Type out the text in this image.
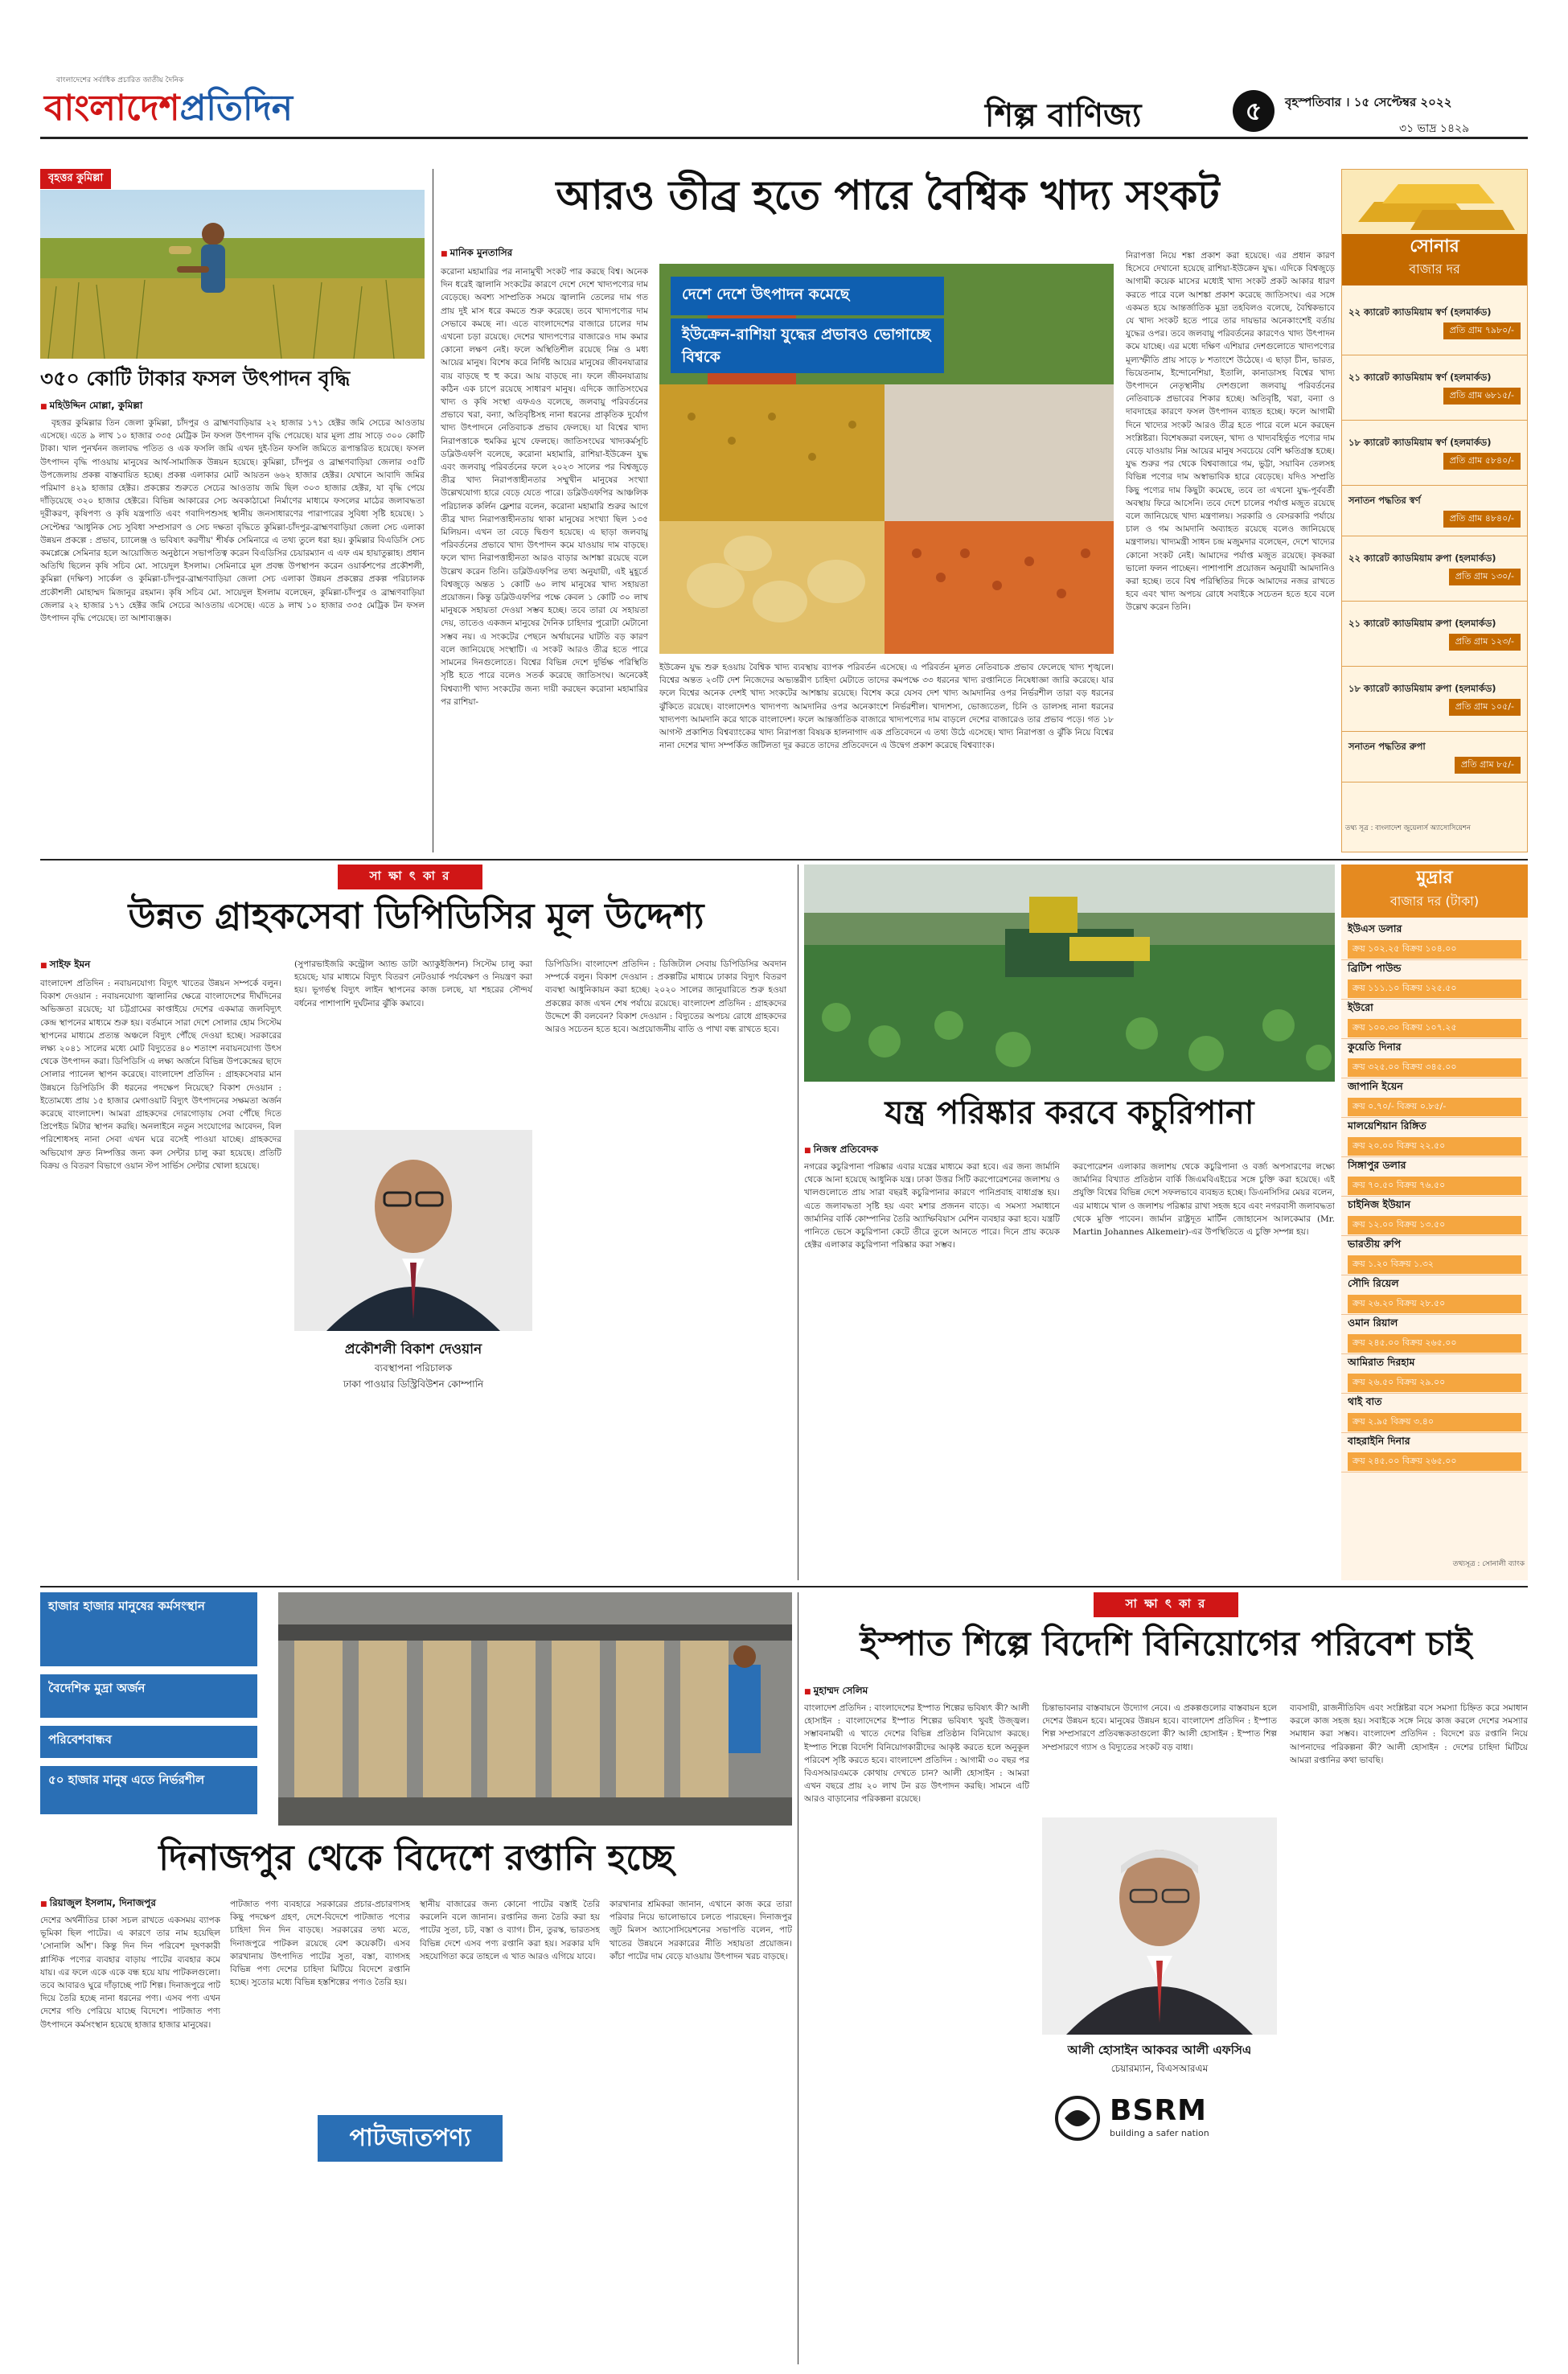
বাংলাদেশের সর্বাধিক প্রচারিত জাতীয় দৈনিক
বাংলাদেশপ্রতিদিন	শিল্প বাণিজ্য	৫	বৃহস্পতিবার । ১৫ সেপ্টেম্বর ২০২২
৩১ ভাদ্র ১৪২৯
বৃহত্তর কুমিল্লা
৩৫০ কোটি টাকার ফসল উৎপাদন বৃদ্ধি
■ মহিউদ্দিন মোল্লা, কুমিল্লা

বৃহত্তর কুমিল্লার তিন জেলা কুমিল্লা, চাঁদপুর ও ব্রাহ্মণবাড়িয়ার ২২ হাজার ১৭১ হেক্টর জমি সেচের আওতায় এসেছে। এতে ৯ লাখ ১০ হাজার ৩৩৫ মেট্রিক টন ফসল উৎপাদন বৃদ্ধি পেয়েছে। যার মূল্য প্রায় সাড়ে ৩০০ কোটি টাকা। খাল পুনর্খনন জলাবদ্ধ পতিত ও এক ফসলি জমি এখন দুই-তিন ফসলি জমিতে রূপান্তরিত হয়েছে। ফসল উৎপাদন বৃদ্ধি পাওয়ায় মানুষের আর্থ-সামাজিক উন্নয়ন হয়েছে। কুমিল্লা, চাঁদপুর ও ব্রাহ্মণবাড়িয়া জেলার ৩৫টি উপজেলায় প্রকল্প বাস্তবায়িত হচ্ছে। প্রকল্প এলাকার মোট আয়তন ৬৬২ হাজার হেক্টর। যেখানে আবাদি জমির পরিমাণ ৪২৯ হাজার হেক্টর। প্রকল্পের শুরুতে সেচের আওতায় জমি ছিল ৩০৩ হাজার হেক্টর, যা বৃদ্ধি পেয়ে দাঁড়িয়েছে ৩২০ হাজার হেক্টরে। বিভিন্ন আকারের সেচ অবকাঠামো নির্মাণের মাধ্যমে ফসলের মাঠের জলাবদ্ধতা দূরীকরণ, কৃষিপণ্য ও কৃষি যন্ত্রপাতি এবং গবাদিপশুসহ স্থানীয় জনসাধারণের পারাপারের সুবিধা সৃষ্টি হয়েছে। ১ সেপ্টেম্বর 'আধুনিক সেচ সুবিধা সম্প্রসারণ ও সেচ দক্ষতা বৃদ্ধিতে কুমিল্লা-চাঁদপুর-ব্রাহ্মণবাড়িয়া জেলা সেচ এলাকা উন্নয়ন প্রকল্পে : প্রভাব, চ্যালেঞ্জ ও ভবিষ্যৎ করণীয়' শীর্ষক সেমিনারে এ তথ্য তুলে ধরা হয়। কুমিল্লার বিএডিসি সেচ কমপ্লেক্সে সেমিনার হলে আয়োজিত অনুষ্ঠানে সভাপতিত্ব করেন বিএডিসির চেয়ারম্যান এ এফ এম হায়াতুল্লাহ। প্রধান অতিথি ছিলেন কৃষি সচিব মো. সায়েদুল ইসলাম। সেমিনারে মূল প্রবন্ধ উপস্থাপন করেন ওয়ার্কশপের প্রকৌশলী, কুমিল্লা (দক্ষিণ) সার্কেল ও কুমিল্লা-চাঁদপুর-ব্রাহ্মণবাড়িয়া জেলা সেচ এলাকা উন্নয়ন প্রকল্পের প্রকল্প পরিচালক প্রকৌশলী মোহাম্মদ মিজানুর রহমান। কৃষি সচিব মো. সায়েদুল ইসলাম বলেছেন, কুমিল্লা-চাঁদপুর ও ব্রাহ্মণবাড়িয়া জেলার ২২ হাজার ১৭১ হেক্টর জমি সেচের আওতায় এসেছে। এতে ৯ লাখ ১০ হাজার ৩৩৫ মেট্রিক টন ফসল উৎপাদন বৃদ্ধি পেয়েছে। তা আশাব্যঞ্জক।

আরও তীব্র হতে পারে বৈশ্বিক খাদ্য সংকট
■ মানিক মুনতাসির
করোনা মহামারির পর নানামুখী সংকট পার করছে বিশ্ব। অনেক দিন ধরেই জ্বালানি সংকটের কারণে দেশে দেশে খাদ্যপণ্যের দাম বেড়েছে। অবশ্য সাম্প্রতিক সময়ে জ্বালানি তেলের দাম গত প্রায় দুই মাস ধরে কমতে শুরু করেছে। তবে খাদ্যপণ্যের দাম সেভাবে কমছে না। এতে বাংলাদেশের বাজারে চালের দাম এখনো চড়া রয়েছে। দেশের খাদ্যপণ্যের বাজারেও দাম কমার কোনো লক্ষণ নেই। ফলে অস্থিতিশীল রয়েছে নিম্ন ও মধ্য আয়ের মানুষ। বিশেষ করে নির্দিষ্ট আয়ের মানুষের জীবনযাত্রার ব্যয় বাড়ছে হু হু করে। আয় বাড়ছে না। ফলে জীবনযাত্রায় কঠিন এক চাপে রয়েছে সাধারণ মানুষ। এদিকে জাতিসংঘের খাদ্য ও কৃষি সংস্থা এফএও বলেছে, জলবায়ু পরিবর্তনের প্রভাবে খরা, বন্যা, অতিবৃষ্টিসহ নানা ধরনের প্রাকৃতিক দুর্যোগ খাদ্য উৎপাদনে নেতিবাচক প্রভাব ফেলছে। যা বিশ্বের খাদ্য নিরাপত্তাকে হুমকির মুখে ফেলছে। জাতিসংঘের খাদ্যকর্মসূচি ডব্লিউএফপি বলেছে, করোনা মহামারি, রাশিয়া-ইউক্রেন যুদ্ধ এবং জলবায়ু পরিবর্তনের ফলে ২০২৩ সালের পর বিশ্বজুড়ে তীব্র খাদ্য নিরাপত্তাহীনতার সম্মুখীন মানুষের সংখ্যা উল্লেখযোগ্য হারে বেড়ে যেতে পারে। ডব্লিউএফপির আঞ্চলিক পরিচালক কর্লিন ফ্লেশার বলেন, করোনা মহামারি শুরুর আগে তীব্র খাদ্য নিরাপত্তাহীনতায় থাকা মানুষের সংখ্যা ছিল ১৩৫ মিলিয়ন। এখন তা বেড়ে দ্বিগুণ হয়েছে। এ ছাড়া জলবায়ু পরিবর্তনের প্রভাবে খাদ্য উৎপাদন কমে যাওয়ায় দাম বাড়ছে। ফলে খাদ্য নিরাপত্তাহীনতা আরও বাড়ার আশঙ্কা রয়েছে বলে উল্লেখ করেন তিনি। ডব্লিউএফপির তথ্য অনুযায়ী, এই মুহূর্তে বিশ্বজুড়ে অন্তত ১ কোটি ৬০ লাখ মানুষের খাদ্য সহায়তা প্রয়োজন। কিন্তু ডব্লিউএফপির পক্ষে কেবল ১ কোটি ৩০ লাখ মানুষকে সহায়তা দেওয়া সম্ভব হচ্ছে। তবে তারা যে সহায়তা দেয়, তাতেও একজন মানুষের দৈনিক চাহিদার পুরোটা মেটানো সম্ভব নয়। এ সংকটের পেছনে অর্থায়নের ঘাটতি বড় কারণ বলে জানিয়েছে সংস্থাটি। এ সংকট আরও তীব্র হতে পারে সামনের দিনগুলোতে। বিশ্বের বিভিন্ন দেশে দুর্ভিক্ষ পরিস্থিতি সৃষ্টি হতে পারে বলেও সতর্ক করেছে জাতিসংঘ। অনেকেই বিশ্বব্যাপী খাদ্য সংকটের জন্য দায়ী করছেন করোনা মহামারির পর রাশিয়া-
দেশে দেশে উৎপাদন কমেছে
ইউক্রেন-রাশিয়া যুদ্ধের প্রভাবও ভোগাচ্ছে বিশ্বকে
ইউক্রেন যুদ্ধ শুরু হওয়ায় বৈশ্বিক খাদ্য ব্যবস্থায় ব্যাপক পরিবর্তন এসেছে। এ পরিবর্তন মূলত নেতিবাচক প্রভাব ফেলেছে খাদ্য শৃঙ্খলে। বিশ্বের অন্তত ২৩টি দেশ নিজেদের অভ্যন্তরীণ চাহিদা মেটাতে তাদের কমপক্ষে ৩৩ ধরনের খাদ্য রপ্তানিতে নিষেধাজ্ঞা জারি করেছে। যার ফলে বিশ্বের অনেক দেশই খাদ্য সংকটের আশঙ্কায় রয়েছে। বিশেষ করে যেসব দেশ খাদ্য আমদানির ওপর নির্ভরশীল তারা বড় ধরনের ঝুঁকিতে রয়েছে। বাংলাদেশও খাদ্যপণ্য আমদানির ওপর অনেকাংশে নির্ভরশীল। খাদ্যশস্য, ভোজ্যতেল, চিনি ও ডালসহ নানা ধরনের খাদ্যপণ্য আমদানি করে থাকে বাংলাদেশ। ফলে আন্তর্জাতিক বাজারে খাদ্যপণ্যের দাম বাড়লে দেশের বাজারেও তার প্রভাব পড়ে। গত ১৮ আগস্ট প্রকাশিত বিশ্বব্যাংকের খাদ্য নিরাপত্তা বিষয়ক হালনাগাদ এক প্রতিবেদনে এ তথ্য উঠে এসেছে। খাদ্য নিরাপত্তা ও ঝুঁকি নিয়ে বিশ্বের নানা দেশের খাদ্য সম্পর্কিত জটিলতা দূর করতে তাদের প্রতিবেদনে এ উদ্বেগ প্রকাশ করেছে বিশ্বব্যাংক।
নিরাপত্তা নিয়ে শঙ্কা প্রকাশ করা হয়েছে। এর প্রধান কারণ হিসেবে দেখানো হয়েছে রাশিয়া-ইউক্রেন যুদ্ধ। এদিকে বিশ্বজুড়ে আগামী কয়েক মাসের মধ্যেই খাদ্য সংকট প্রকট আকার ধারণ করতে পারে বলে আশঙ্কা প্রকাশ করেছে জাতিসংঘ। এর সঙ্গে একমত হয়ে আন্তর্জাতিক মুদ্রা তহবিলও বলেছে, বৈশ্বিকভাবে যে খাদ্য সংকট হতে পারে তার দায়ভার অনেকাংশেই বর্তায় যুদ্ধের ওপর। তবে জলবায়ু পরিবর্তনের কারণেও খাদ্য উৎপাদন কমে যাচ্ছে। এর মধ্যে দক্ষিণ এশিয়ার দেশগুলোতে খাদ্যপণ্যের মূল্যস্ফীতি প্রায় সাড়ে ৮ শতাংশে উঠেছে। এ ছাড়া চীন, ভারত, ভিয়েতনাম, ইন্দোনেশিয়া, ইতালি, কানাডাসহ বিশ্বের খাদ্য উৎপাদনে নেতৃস্থানীয় দেশগুলো জলবায়ু পরিবর্তনের নেতিবাচক প্রভাবের শিকার হচ্ছে। অতিবৃষ্টি, খরা, বন্যা ও দাবদাহের কারণে ফসল উৎপাদন ব্যাহত হচ্ছে। ফলে আগামী দিনে খাদ্যের সংকট আরও তীব্র হতে পারে বলে মনে করছেন সংশ্লিষ্টরা। বিশেষজ্ঞরা বলছেন, খাদ্য ও খাদ্যবহির্ভূত পণ্যের দাম বেড়ে যাওয়ায় নিম্ন আয়ের মানুষ সবচেয়ে বেশি ক্ষতিগ্রস্ত হচ্ছে। যুদ্ধ শুরুর পর থেকে বিশ্ববাজারে গম, ভুট্টা, সয়াবিন তেলসহ বিভিন্ন পণ্যের দাম অস্বাভাবিক হারে বেড়েছে। যদিও সম্প্রতি কিছু পণ্যের দাম কিছুটা কমেছে, তবে তা এখনো যুদ্ধ-পূর্ববর্তী অবস্থায় ফিরে আসেনি। তবে দেশে চালের পর্যাপ্ত মজুত রয়েছে বলে জানিয়েছে খাদ্য মন্ত্রণালয়। সরকারি ও বেসরকারি পর্যায়ে চাল ও গম আমদানি অব্যাহত রয়েছে বলেও জানিয়েছে মন্ত্রণালয়। খাদ্যমন্ত্রী সাধন চন্দ্র মজুমদার বলেছেন, দেশে খাদ্যের কোনো সংকট নেই। আমাদের পর্যাপ্ত মজুত রয়েছে। কৃষকরা ভালো ফলন পাচ্ছেন। পাশাপাশি প্রয়োজন অনুযায়ী আমদানিও করা হচ্ছে। তবে বিশ্ব পরিস্থিতির দিকে আমাদের নজর রাখতে হবে এবং খাদ্য অপচয় রোধে সবাইকে সচেতন হতে হবে বলে উল্লেখ করেন তিনি।
সোনার
বাজার দর
২২ ক্যারেট ক্যাডমিয়াম স্বর্ণ (হলমার্কড)
প্রতি গ্রাম ৭৯৮০/-
২১ ক্যারেট ক্যাডমিয়াম স্বর্ণ (হলমার্কড)
প্রতি গ্রাম ৬৮১৫/-
১৮ ক্যারেট ক্যাডমিয়াম স্বর্ণ (হলমার্কড)
প্রতি গ্রাম ৫৮৪০/-
সনাতন পদ্ধতির স্বর্ণ
প্রতি গ্রাম ৪৮৪০/-
২২ ক্যারেট ক্যাডমিয়াম রুপা (হলমার্কড)
প্রতি গ্রাম ১৩০/-
২১ ক্যারেট ক্যাডমিয়াম রুপা (হলমার্কড)
প্রতি গ্রাম ১২৩/-
১৮ ক্যারেট ক্যাডমিয়াম রুপা (হলমার্কড)
প্রতি গ্রাম ১০৫/-
সনাতন পদ্ধতির রুপা
প্রতি গ্রাম ৮৫/-
তথ্য সূত্র : বাংলাদেশ জুয়েলার্স অ্যাসোসিয়েশন
সা ক্ষা ৎ কা র
উন্নত গ্রাহকসেবা ডিপিডিসির মূল উদ্দেশ্য
■ সাইফ ইমন
বাংলাদেশ প্রতিদিন : নবায়নযোগ্য বিদ্যুৎ খাতের উন্নয়ন সম্পর্কে বলুন। বিকাশ দেওয়ান : নবায়নযোগ্য জ্বালানির ক্ষেত্রে বাংলাদেশের দীর্ঘদিনের অভিজ্ঞতা রয়েছে; যা চট্টগ্রামের কাপ্তাইয়ে দেশের একমাত্র জলবিদ্যুৎ কেন্দ্র স্থাপনের মাধ্যমে শুরু হয়। বর্তমানে সারা দেশে সোলার হোম সিস্টেম স্থাপনের মাধ্যমে প্রত্যন্ত অঞ্চলে বিদ্যুৎ পৌঁছে দেওয়া হচ্ছে। সরকারের লক্ষ্য ২০৪১ সালের মধ্যে মোট বিদ্যুতের ৪০ শতাংশ নবায়নযোগ্য উৎস থেকে উৎপাদন করা। ডিপিডিসি এ লক্ষ্য অর্জনে বিভিন্ন উপকেন্দ্রের ছাদে সোলার প্যানেল স্থাপন করেছে। বাংলাদেশ প্রতিদিন : গ্রাহকসেবার মান উন্নয়নে ডিপিডিসি কী ধরনের পদক্ষেপ নিয়েছে? বিকাশ দেওয়ান : ইতোমধ্যে প্রায় ১৫ হাজার মেগাওয়াট বিদ্যুৎ উৎপাদনের সক্ষমতা অর্জন করেছে বাংলাদেশ। আমরা গ্রাহকদের দোরগোড়ায় সেবা পৌঁছে দিতে প্রিপেইড মিটার স্থাপন করছি। অনলাইনে নতুন সংযোগের আবেদন, বিল পরিশোধসহ নানা সেবা এখন ঘরে বসেই পাওয়া যাচ্ছে। গ্রাহকদের অভিযোগ দ্রুত নিষ্পত্তির জন্য কল সেন্টার চালু করা হয়েছে। প্রতিটি বিক্রয় ও বিতরণ বিভাগে ওয়ান স্টপ সার্ভিস সেন্টার খোলা হয়েছে।
(সুপারভাইজরি কন্ট্রোল অ্যান্ড ডাটা অ্যাকুইজিশন) সিস্টেম চালু করা হয়েছে; যার মাধ্যমে বিদ্যুৎ বিতরণ নেটওয়ার্ক পর্যবেক্ষণ ও নিয়ন্ত্রণ করা হয়। ভূগর্ভস্থ বিদ্যুৎ লাইন স্থাপনের কাজ চলছে, যা শহরের সৌন্দর্য বর্ধনের পাশাপাশি দুর্ঘটনার ঝুঁকি কমাবে।
প্রকৌশলী বিকাশ দেওয়ান
ব্যবস্থাপনা পরিচালক
ঢাকা পাওয়ার ডিস্ট্রিবিউশন কোম্পানি
ডিপিডিসি। বাংলাদেশ প্রতিদিন : ডিজিটাল সেবায় ডিপিডিসির অবদান সম্পর্কে বলুন। বিকাশ দেওয়ান : প্রকল্পটির মাধ্যমে ঢাকার বিদ্যুৎ বিতরণ ব্যবস্থা আধুনিকায়ন করা হচ্ছে। ২০২০ সালের জানুয়ারিতে শুরু হওয়া প্রকল্পের কাজ এখন শেষ পর্যায়ে রয়েছে। বাংলাদেশ প্রতিদিন : গ্রাহকদের উদ্দেশে কী বলবেন? বিকাশ দেওয়ান : বিদ্যুতের অপচয় রোধে গ্রাহকদের আরও সচেতন হতে হবে। অপ্রয়োজনীয় বাতি ও পাখা বন্ধ রাখতে হবে।
যন্ত্র পরিষ্কার করবে কচুরিপানা
■ নিজস্ব প্রতিবেদক
নগরের কচুরিপানা পরিষ্কার এবার যন্ত্রের মাধ্যমে করা হবে। এর জন্য জার্মানি থেকে আনা হয়েছে আধুনিক যন্ত্র। ঢাকা উত্তর সিটি করপোরেশনের জলাশয় ও খালগুলোতে প্রায় সারা বছরই কচুরিপানার কারণে পানিপ্রবাহ বাধাগ্রস্ত হয়। এতে জলাবদ্ধতা সৃষ্টি হয় এবং মশার প্রজনন বাড়ে। এ সমস্যা সমাধানে জার্মানির বার্কি কোম্পানির তৈরি অ্যাম্ফিবিয়াস মেশিন ব্যবহার করা হবে। যন্ত্রটি পানিতে ভেসে কচুরিপানা কেটে তীরে তুলে আনতে পারে। দিনে প্রায় কয়েক হেক্টর এলাকার কচুরিপানা পরিষ্কার করা সম্ভব।
করপোরেশন এলাকার জলাশয় থেকে কচুরিপানা ও বর্জ্য অপসারণের লক্ষ্যে জার্মানির বিখ্যাত প্রতিষ্ঠান বার্কি জিএমবিএইচের সঙ্গে চুক্তি করা হয়েছে। এই প্রযুক্তি বিশ্বের বিভিন্ন দেশে সফলভাবে ব্যবহৃত হচ্ছে। ডিএনসিসির মেয়র বলেন, এর মাধ্যমে খাল ও জলাশয় পরিষ্কার রাখা সহজ হবে এবং নগরবাসী জলাবদ্ধতা থেকে মুক্তি পাবেন। জার্মান রাষ্ট্রদূত মার্টিন জোহানেস আলকেমার (Mr. Martin Johannes Alkemeir)-এর উপস্থিতিতে এ চুক্তি সম্পন্ন হয়।
মুদ্রার
বাজার দর (টাকা)
ইউএস ডলার
ক্রয় ১০২.২৫ বিক্রয় ১০৪.০০
ব্রিটিশ পাউন্ড
ক্রয় ১১১.১০ বিক্রয় ১২৫.৫০
ইউরো
ক্রয় ১০০.৩০ বিক্রয় ১০৭.২৫
কুয়েতি দিনার
ক্রয় ৩২৫.০০ বিক্রয় ৩৪৫.০০
জাপানি ইয়েন
ক্রয় ০.৭০/- বিক্রয় ০.৮৫/-
মালয়েশিয়ান রিঙ্গিত
ক্রয় ২০.০০ বিক্রয় ২২.৫০
সিঙ্গাপুর ডলার
ক্রয় ৭০.৫০ বিক্রয় ৭৬.৫০
চাইনিজ ইউয়ান
ক্রয় ১২.০০ বিক্রয় ১৩.৫০
ভারতীয় রুপি
ক্রয় ১.২০ বিক্রয় ১.৩২
সৌদি রিয়েল
ক্রয় ২৬.২০ বিক্রয় ২৮.৫০
ওমান রিয়াল
ক্রয় ২৪৫.০০ বিক্রয় ২৬৫.০০
আমিরাত দিরহাম
ক্রয় ২৬.৫০ বিক্রয় ২৯.০০
থাই বাত
ক্রয় ২.৯৫ বিক্রয় ৩.৪০
বাহরাইনি দিনার
ক্রয় ২৪৫.০০ বিক্রয় ২৬৫.০০
তথ্যসূত্র : সোনালী ব্যাংক
হাজার হাজার মানুষের কর্মসংস্থান
বৈদেশিক মুদ্রা অর্জন
পরিবেশবান্ধব
৫০ হাজার মানুষ এতে নির্ভরশীল
দিনাজপুর থেকে বিদেশে রপ্তানি হচ্ছে
■ রিয়াজুল ইসলাম, দিনাজপুর
দেশের অর্থনীতির চাকা সচল রাখতে একসময় ব্যাপক ভূমিকা ছিল পাটের। এ কারণে তার নাম হয়েছিল 'সোনালি আঁশ'। কিন্তু দিন দিন পরিবেশ দূষণকারী প্লাস্টিক পণ্যের ব্যবহার বাড়ায় পাটের ব্যবহার কমে যায়। এর ফলে একে একে বন্ধ হয়ে যায় পাটকলগুলো। তবে আবারও ঘুরে দাঁড়াচ্ছে পাট শিল্প। দিনাজপুরে পাট দিয়ে তৈরি হচ্ছে নানা ধরনের পণ্য। এসব পণ্য এখন দেশের গণ্ডি পেরিয়ে যাচ্ছে বিদেশে। পাটজাত পণ্য উৎপাদনে কর্মসংস্থান হয়েছে হাজার হাজার মানুষের।
পাটজাত পণ্য ব্যবহারে সরকারের প্রচার-প্রচারণাসহ কিছু পদক্ষেপ গ্রহণ, দেশে-বিদেশে পাটজাত পণ্যের চাহিদা দিন দিন বাড়ছে। সরকারের তথ্য মতে, দিনাজপুরে পাটকল রয়েছে বেশ কয়েকটি। এসব কারখানায় উৎপাদিত পাটের সুতা, বস্তা, ব্যাগসহ বিভিন্ন পণ্য দেশের চাহিদা মিটিয়ে বিদেশে রপ্তানি হচ্ছে। সুতোর মধ্যে বিভিন্ন হস্তশিল্পের পণ্যও তৈরি হয়।
স্থানীয় বাজারের জন্য কোনো পাটের বস্তাই তৈরি করলেনি বলে জানান। রপ্তানির জন্য তৈরি করা হয় পাটের সুতা, চট, বস্তা ও ব্যাগ। চীন, তুরস্ক, ভারতসহ বিভিন্ন দেশে এসব পণ্য রপ্তানি করা হয়। সরকার যদি সহযোগিতা করে তাহলে এ খাত আরও এগিয়ে যাবে।
কারখানার শ্রমিকরা জানান, এখানে কাজ করে তারা পরিবার নিয়ে ভালোভাবে চলতে পারছেন। দিনাজপুর জুট মিলস অ্যাসোসিয়েশনের সভাপতি বলেন, পাট খাতের উন্নয়নে সরকারের নীতি সহায়তা প্রয়োজন। কাঁচা পাটের দাম বেড়ে যাওয়ায় উৎপাদন খরচ বাড়ছে।
পাটজাতপণ্য
সা ক্ষা ৎ কা র
ইস্পাত শিল্পে বিদেশি বিনিয়োগের পরিবেশ চাই
■ মুহাম্মদ সেলিম
বাংলাদেশ প্রতিদিন : বাংলাদেশের ইস্পাত শিল্পের ভবিষ্যৎ কী? আলী হোসাইন : বাংলাদেশের ইস্পাত শিল্পের ভবিষ্যৎ খুবই উজ্জ্বল। সম্ভাবনাময়ী এ খাতে দেশের বিভিন্ন প্রতিষ্ঠান বিনিয়োগ করছে। ইস্পাত শিল্পে বিদেশি বিনিয়োগকারীদের আকৃষ্ট করতে হলে অনুকূল পরিবেশ সৃষ্টি করতে হবে। বাংলাদেশ প্রতিদিন : আগামী ৩০ বছর পর বিএসআরএমকে কোথায় দেখতে চান? আলী হোসাইন : আমরা এখন বছরে প্রায় ২০ লাখ টন রড উৎপাদন করছি। সামনে এটি আরও বাড়ানোর পরিকল্পনা রয়েছে।
চিন্তাভাবনার বাস্তবায়নে উদ্যোগ নেবে। এ প্রকল্পগুলোর বাস্তবায়ন হলে দেশের উন্নয়ন হবে। মানুষের উন্নয়ন হবে। বাংলাদেশ প্রতিদিন : ইস্পাত শিল্প সম্প্রসারণে প্রতিবন্ধকতাগুলো কী? আলী হোসাইন : ইস্পাত শিল্প সম্প্রসারণে গ্যাস ও বিদ্যুতের সংকট বড় বাধা।
আলী হোসাইন আকবর আলী এফসিএ
চেয়ারম্যান, বিএসআরএম
BSRM
building a safer nation
ব্যবসায়ী, রাজনীতিবিদ এবং সংশ্লিষ্টরা বসে সমস্যা চিহ্নিত করে সমাধান করলে কাজ সহজ হয়। সবাইকে সঙ্গে নিয়ে কাজ করলে দেশের সমস্যার সমাধান করা সম্ভব। বাংলাদেশ প্রতিদিন : বিদেশে রড রপ্তানি নিয়ে আপনাদের পরিকল্পনা কী? আলী হোসাইন : দেশের চাহিদা মিটিয়ে আমরা রপ্তানির কথা ভাবছি।
